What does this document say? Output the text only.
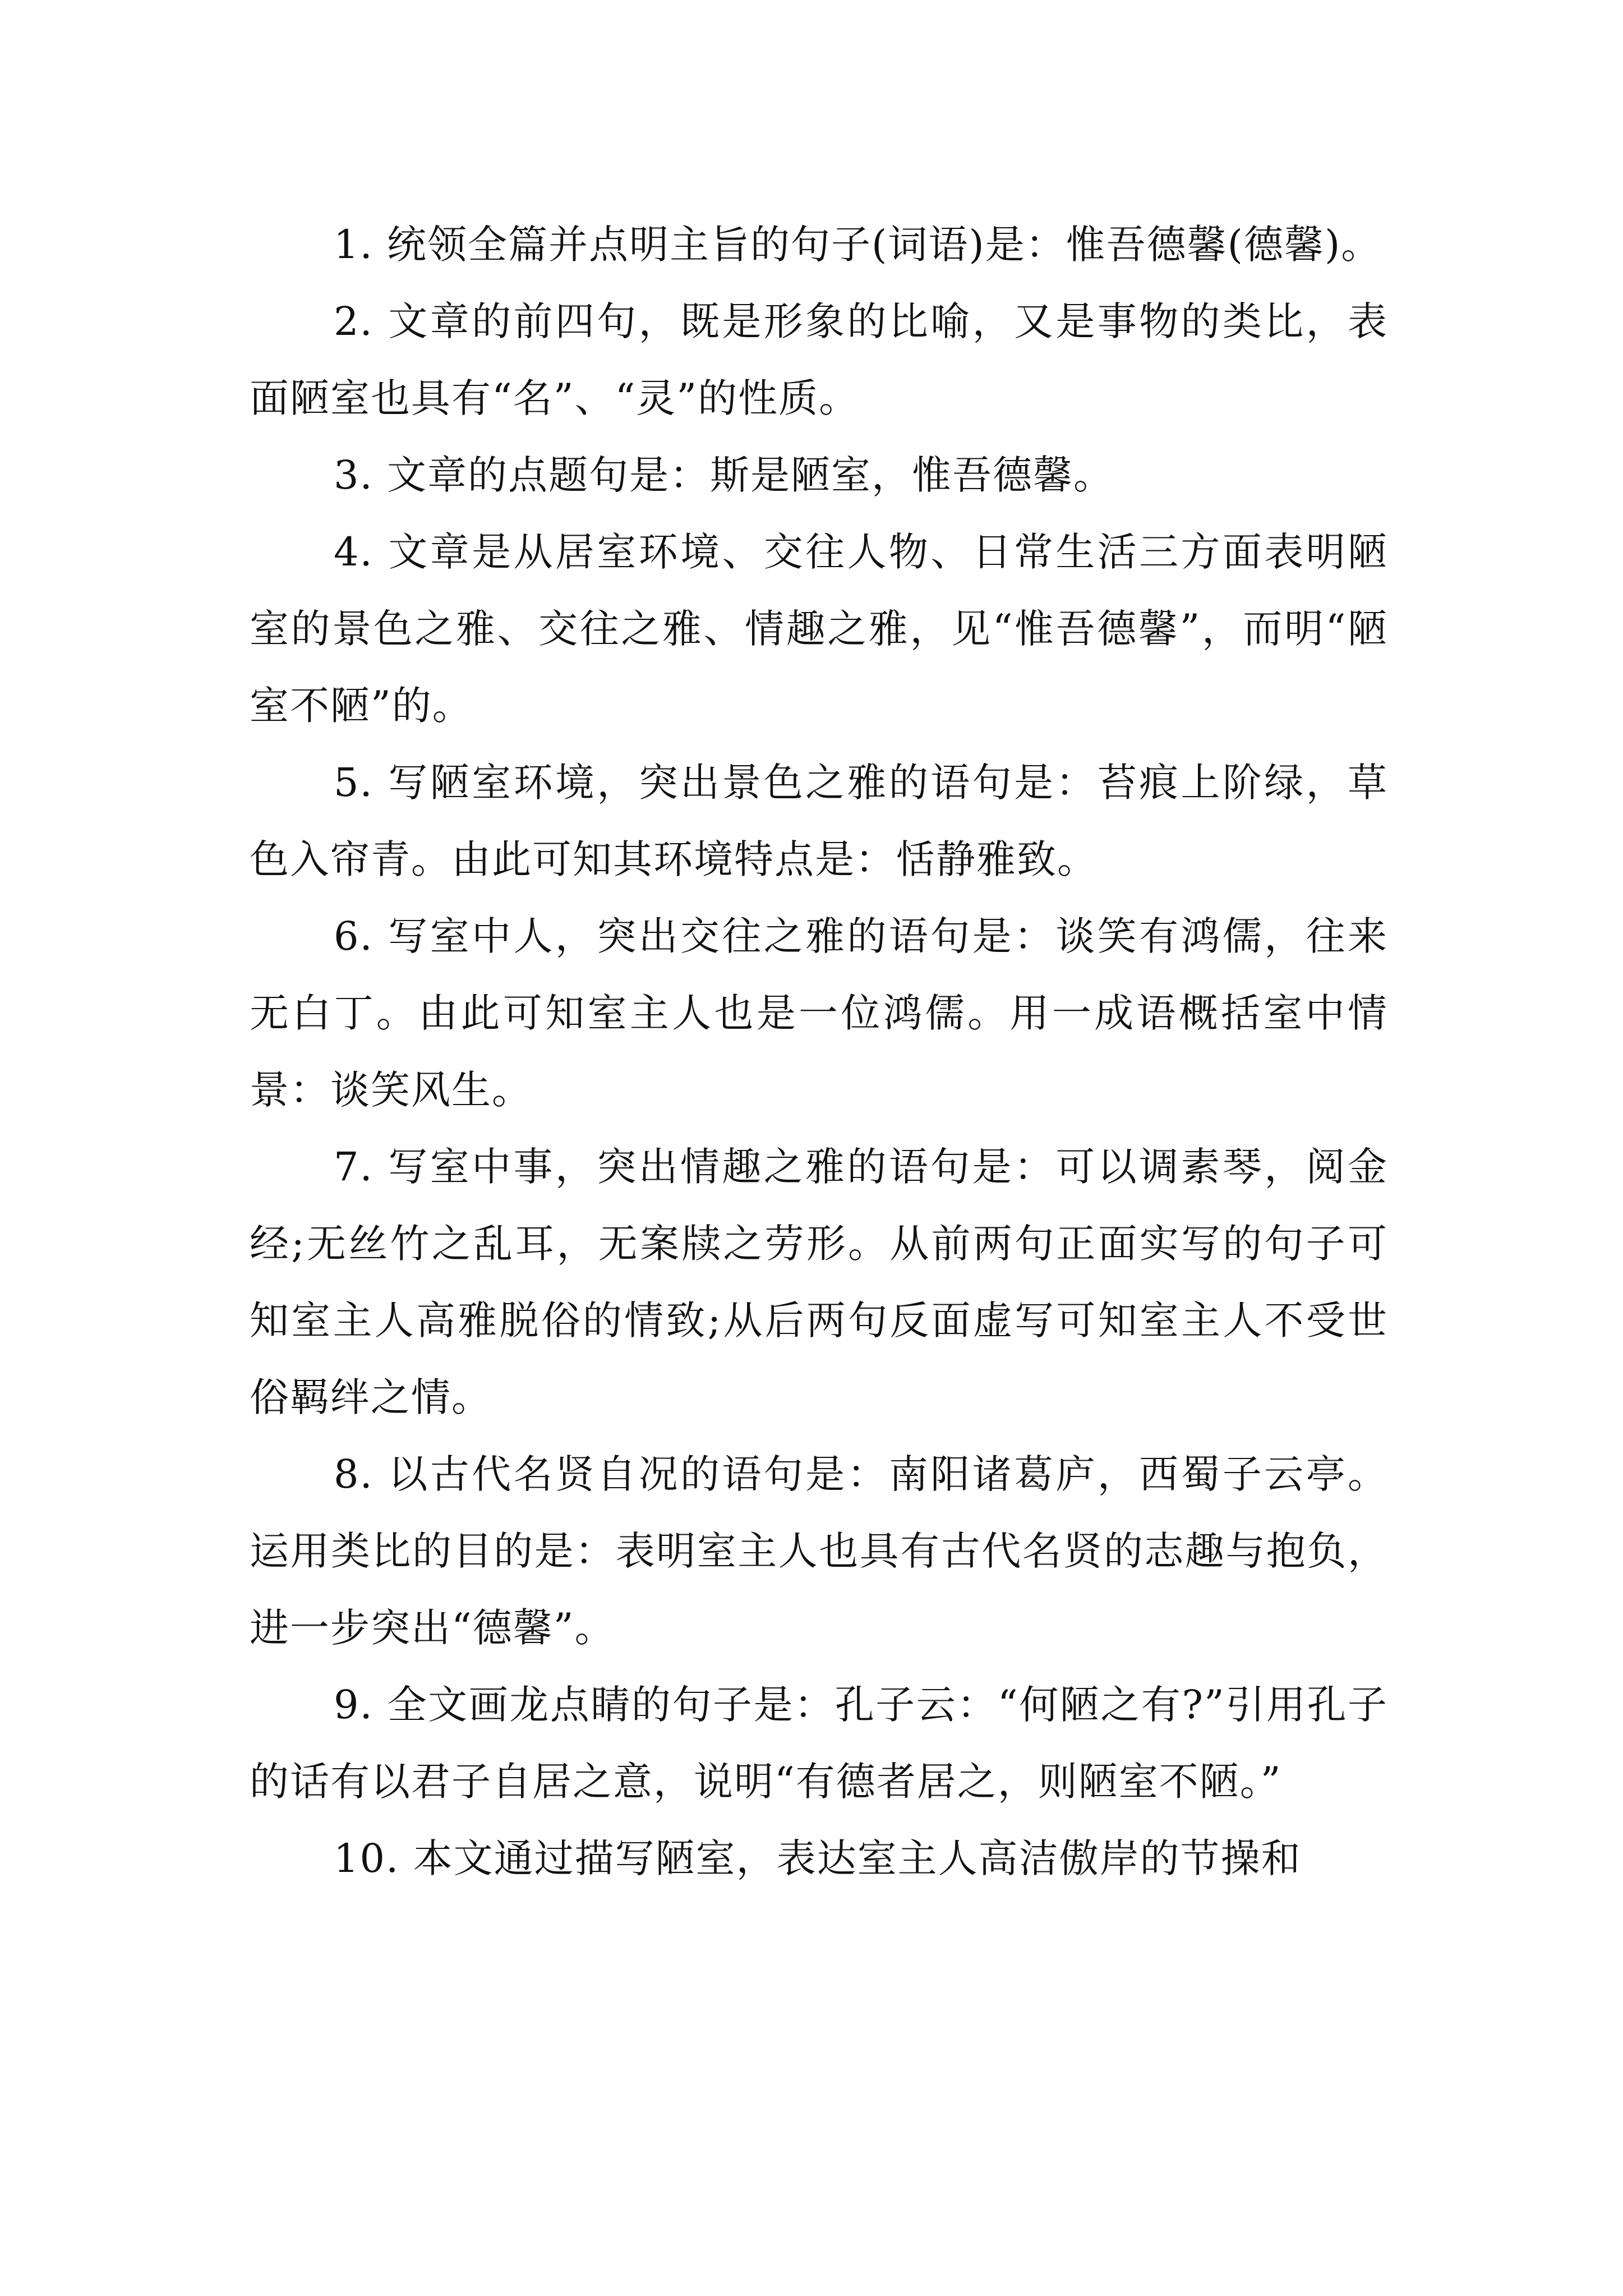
1. 统领全篇并点明主旨的句子(词语)是：惟吾德馨(德馨)。

2. 文章的前四句，既是形象的比喻，又是事物的类比，表面陋室也具有“名”、“灵”的性质。

3. 文章的点题句是：斯是陋室，惟吾德馨。

4. 文章是从居室环境、交往人物、日常生活三方面表明陋室的景色之雅、交往之雅、情趣之雅，见“惟吾德馨”，而明“陋室不陋”的。

5. 写陋室环境，突出景色之雅的语句是：苔痕上阶绿，草色入帘青。由此可知其环境特点是：恬静雅致。

6. 写室中人，突出交往之雅的语句是：谈笑有鸿儒，往来无白丁。由此可知室主人也是一位鸿儒。用一成语概括室中情景：谈笑风生。

7. 写室中事，突出情趣之雅的语句是：可以调素琴，阅金经;无丝竹之乱耳，无案牍之劳形。从前两句正面实写的句子可知室主人高雅脱俗的情致;从后两句反面虚写可知室主人不受世俗羁绊之情。

8. 以古代名贤自况的语句是：南阳诸葛庐，西蜀子云亭。运用类比的目的是：表明室主人也具有古代名贤的志趣与抱负，进一步突出“德馨”。

9. 全文画龙点睛的句子是：孔子云：“何陋之有?”引用孔子的话有以君子自居之意，说明“有德者居之，则陋室不陋。”

10. 本文通过描写陋室，表达室主人高洁傲岸的节操和
